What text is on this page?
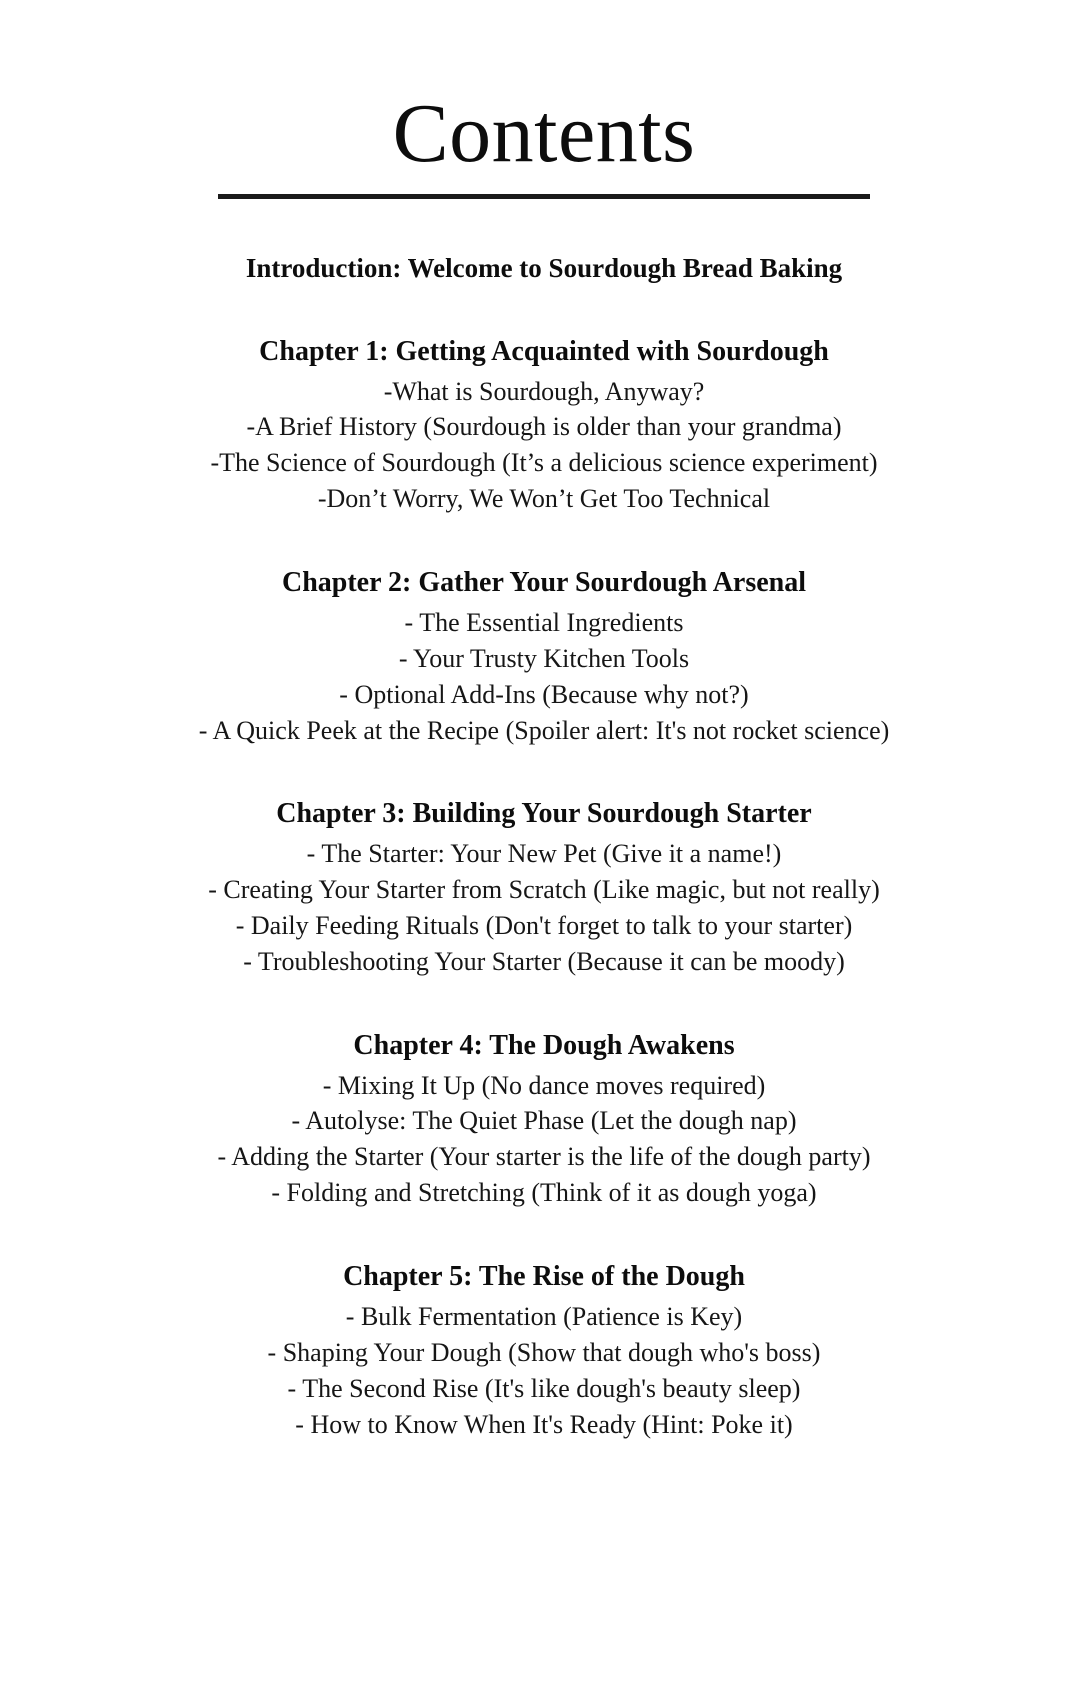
Contents
Introduction: Welcome to Sourdough Bread Baking
Chapter 1: Getting Acquainted with Sourdough
-What is Sourdough, Anyway?
-A Brief History (Sourdough is older than your grandma)
-The Science of Sourdough (It’s a delicious science experiment)
-Don’t Worry, We Won’t Get Too Technical
Chapter 2: Gather Your Sourdough Arsenal
- The Essential Ingredients
- Your Trusty Kitchen Tools
- Optional Add-Ins (Because why not?)
- A Quick Peek at the Recipe (Spoiler alert: It's not rocket science)
Chapter 3: Building Your Sourdough Starter
- The Starter: Your New Pet (Give it a name!)
- Creating Your Starter from Scratch (Like magic, but not really)
- Daily Feeding Rituals (Don't forget to talk to your starter)
- Troubleshooting Your Starter (Because it can be moody)
Chapter 4: The Dough Awakens
- Mixing It Up (No dance moves required)
- Autolyse: The Quiet Phase (Let the dough nap)
- Adding the Starter (Your starter is the life of the dough party)
- Folding and Stretching (Think of it as dough yoga)
Chapter 5: The Rise of the Dough
- Bulk Fermentation (Patience is Key)
- Shaping Your Dough (Show that dough who's boss)
- The Second Rise (It's like dough's beauty sleep)
- How to Know When It's Ready (Hint: Poke it)
